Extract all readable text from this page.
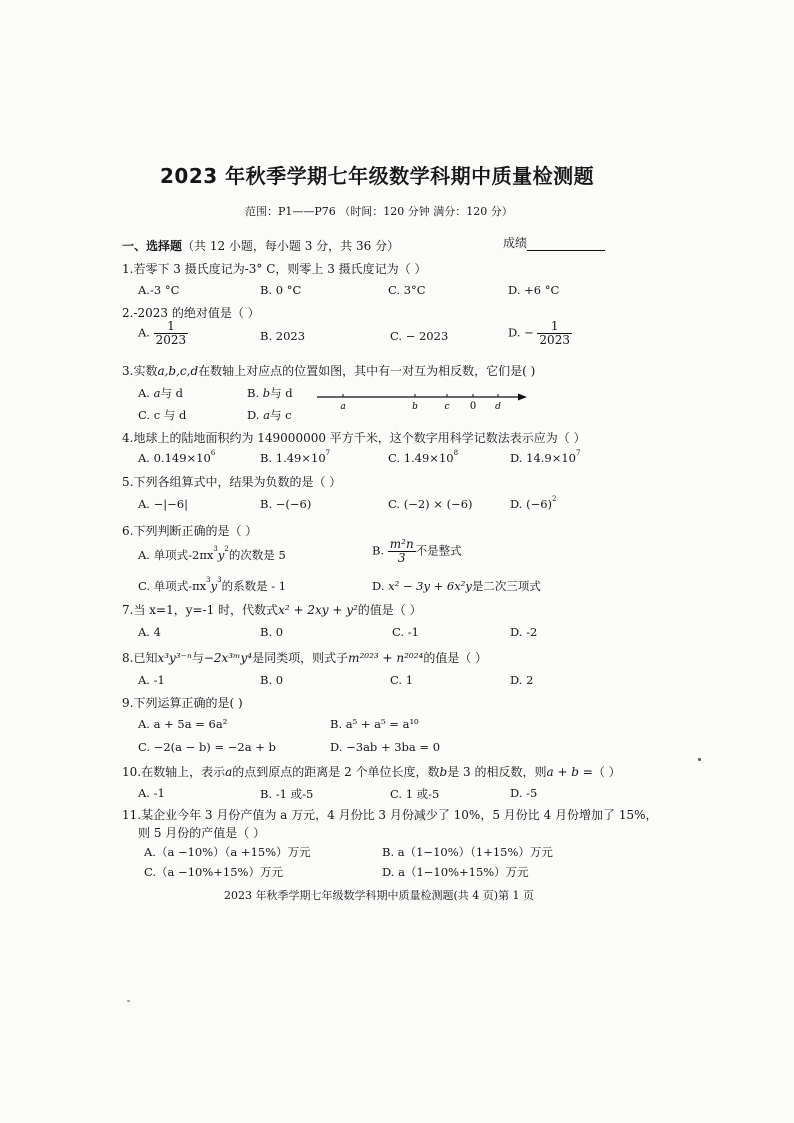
2023 年秋季学期七年级数学科期中质量检测题
范围：P1——P76 （时间：120 分钟 满分：120 分）
一、选择题（共 12 小题，每小题 3 分，共 36 分）	成绩
1.若零下 3 摄氏度记为-3° C，则零上 3 摄氏度记为（ ）
A.-3 °C	B. 0 °C	C. 3°C	D. +6 °C
2.-2023 的绝对值是（ ）
A. $\frac{1}{2023}$	B. 2023	C. − 2023	D. − $\frac{1}{2023}$
3.实数a,b,c,d在数轴上对应点的位置如图，其中有一对互为相反数，它们是( )
A. a与 d	B. b与 d
C. c 与 d	D. a与 c
a	b	c 0 d
4.地球上的陆地面积约为 149000000 平方千米，这个数字用科学记数法表示应为（ ）
A. $0.149\times 10^6$	B. $1.49\times 10^7$	C. $1.49\times 10^8$	D. $14.9\times 10^7$
5.下列各组算式中，结果为负数的是（ ）
A. −|−6|	B. −(−6)	C. (−2) × (−6)	D. $(-6)^2$
6.下列判断正确的是（ ）
A. 单项式$-2\pi x^3y^2$的次数是 5	B. $\frac{\text{m²n}}{3}$ 不是整式
C. 单项式$-\pi x^3y^3$的系数是 - 1	D. x² − 3y + 6x²y是二次三项式
7.当 x=1，y=-1 时，代数式x² + 2xy + y²的值是（ ）
A. 4	B. 0	C. -1	D. -2
8.已知x³y³⁻ⁿ与−2x³ᵐy⁴是同类项，则式子m²⁰²³ + n²⁰²⁴的值是（ ）
A. -1	B. 0	C. 1	D. 2
9.下列运算正确的是( )
A. a + 5a = 6a²	B. a⁵ + a⁵ = a¹⁰
C. −2(a − b) = −2a + b	D. −3ab + 3ba = 0
10.在数轴上，表示a的点到原点的距离是 2 个单位长度，数b是 3 的相反数，则a + b =（ ）
A. -1	B. -1 或-5	C. 1 或-5	D. -5
11.某企业今年 3 月份产值为 a 万元，4 月份比 3 月份减少了 10%，5 月份比 4 月份增加了 15%，
则 5 月份的产值是（ ）
A.（a −10%）（a +15%）万元	B. a（1−10%）（1+15%）万元
C.（a −10%+15%）万元	D. a（1−10%+15%）万元
2023 年秋季学期七年级数学科期中质量检测题(共 4 页)第 1 页
